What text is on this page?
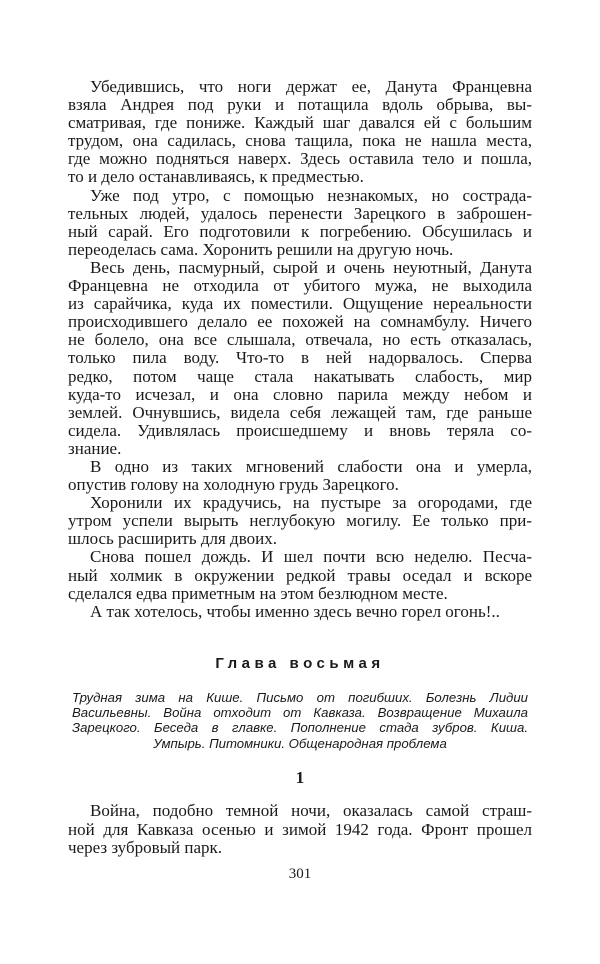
Убедившись, что ноги держат ее, Данута Францевна
взяла Андрея под руки и потащила вдоль обрыва, вы-
сматривая, где пониже. Каждый шаг давался ей с большим
трудом, она садилась, снова тащила, пока не нашла места,
где можно подняться наверх. Здесь оставила тело и пошла,
то и дело останавливаясь, к предместью.
Уже под утро, с помощью незнакомых, но сострада-
тельных людей, удалось перенести Зарецкого в заброшен-
ный сарай. Его подготовили к погребению. Обсушилась и
переоделась сама. Хоронить решили на другую ночь.
Весь день, пасмурный, сырой и очень неуютный, Данута
Францевна не отходила от убитого мужа, не выходила
из сарайчика, куда их поместили. Ощущение нереальности
происходившего делало ее похожей на сомнамбулу. Ничего
не болело, она все слышала, отвечала, но есть отказалась,
только пила воду. Что-то в ней надорвалось. Сперва
редко, потом чаще стала накатывать слабость, мир
куда-то исчезал, и она словно парила между небом и
землей. Очнувшись, видела себя лежащей там, где раньше
сидела. Удивлялась происшедшему и вновь теряла со-
знание.
В одно из таких мгновений слабости она и умерла,
опустив голову на холодную грудь Зарецкого.
Хоронили их крадучись, на пустыре за огородами, где
утром успели вырыть неглубокую могилу. Ее только при-
шлось расширить для двоих.
Снова пошел дождь. И шел почти всю неделю. Песча-
ный холмик в окружении редкой травы оседал и вскоре
сделался едва приметным на этом безлюдном месте.
А так хотелось, чтобы именно здесь вечно горел огонь!..
Глава восьмая
Трудная зима на Кише. Письмо от погибших. Болезнь Лидии
Васильевны. Война отходит от Кавказа. Возвращение Михаила
Зарецкого. Беседа в главке. Пополнение стада зубров. Киша.
Умпырь. Питомники. Общенародная проблема
1
Война, подобно темной ночи, оказалась самой страш-
ной для Кавказа осенью и зимой 1942 года. Фронт прошел
через зубровый парк.
301
